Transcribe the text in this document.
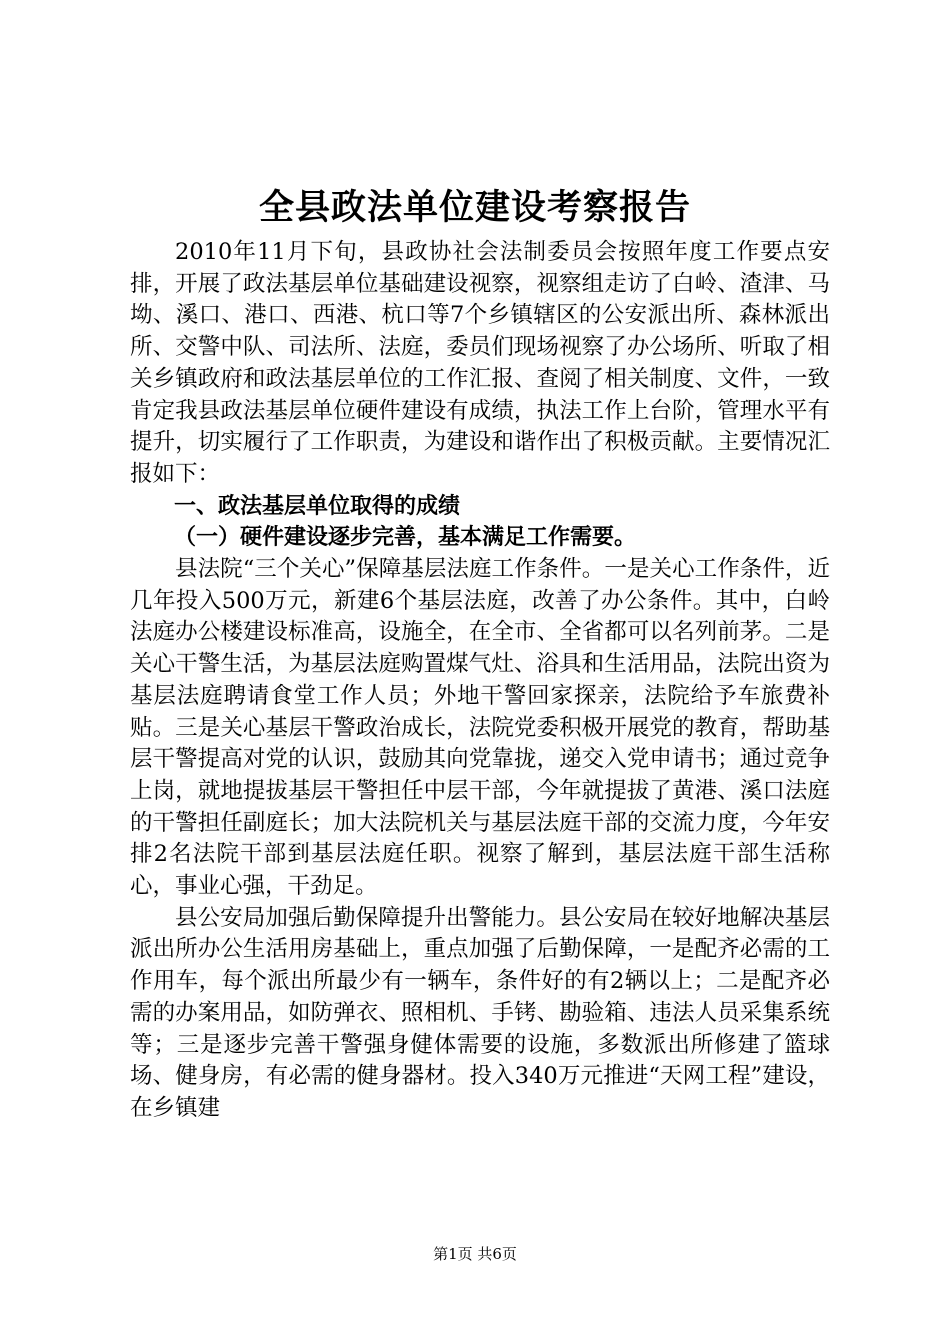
全县政法单位建设考察报告

2010年11月下旬，县政协社会法制委员会按照年度工作要点安排，开展了政法基层单位基础建设视察，视察组走访了白岭、渣津、马坳、溪口、港口、西港、杭口等7个乡镇辖区的公安派出所、森林派出所、交警中队、司法所、法庭，委员们现场视察了办公场所、听取了相关乡镇政府和政法基层单位的工作汇报、查阅了相关制度、文件，一致肯定我县政法基层单位硬件建设有成绩，执法工作上台阶，管理水平有提升，切实履行了工作职责，为建设和谐作出了积极贡献。主要情况汇报如下：

一、政法基层单位取得的成绩

（一）硬件建设逐步完善，基本满足工作需要。

县法院“三个关心”保障基层法庭工作条件。一是关心工作条件，近几年投入500万元，新建6个基层法庭，改善了办公条件。其中，白岭法庭办公楼建设标准高，设施全，在全市、全省都可以名列前茅。二是关心干警生活，为基层法庭购置煤气灶、浴具和生活用品，法院出资为基层法庭聘请食堂工作人员；外地干警回家探亲，法院给予车旅费补贴。三是关心基层干警政治成长，法院党委积极开展党的教育，帮助基层干警提高对党的认识，鼓励其向党靠拢，递交入党申请书；通过竞争上岗，就地提拔基层干警担任中层干部，今年就提拔了黄港、溪口法庭的干警担任副庭长；加大法院机关与基层法庭干部的交流力度，今年安排2名法院干部到基层法庭任职。视察了解到，基层法庭干部生活称心，事业心强，干劲足。

县公安局加强后勤保障提升出警能力。县公安局在较好地解决基层派出所办公生活用房基础上，重点加强了后勤保障，一是配齐必需的工作用车，每个派出所最少有一辆车，条件好的有2辆以上；二是配齐必需的办案用品，如防弹衣、照相机、手铐、勘验箱、违法人员采集系统等；三是逐步完善干警强身健体需要的设施，多数派出所修建了篮球场、健身房，有必需的健身器材。投入340万元推进“天网工程”建设，在乡镇建

第1页 共6页
